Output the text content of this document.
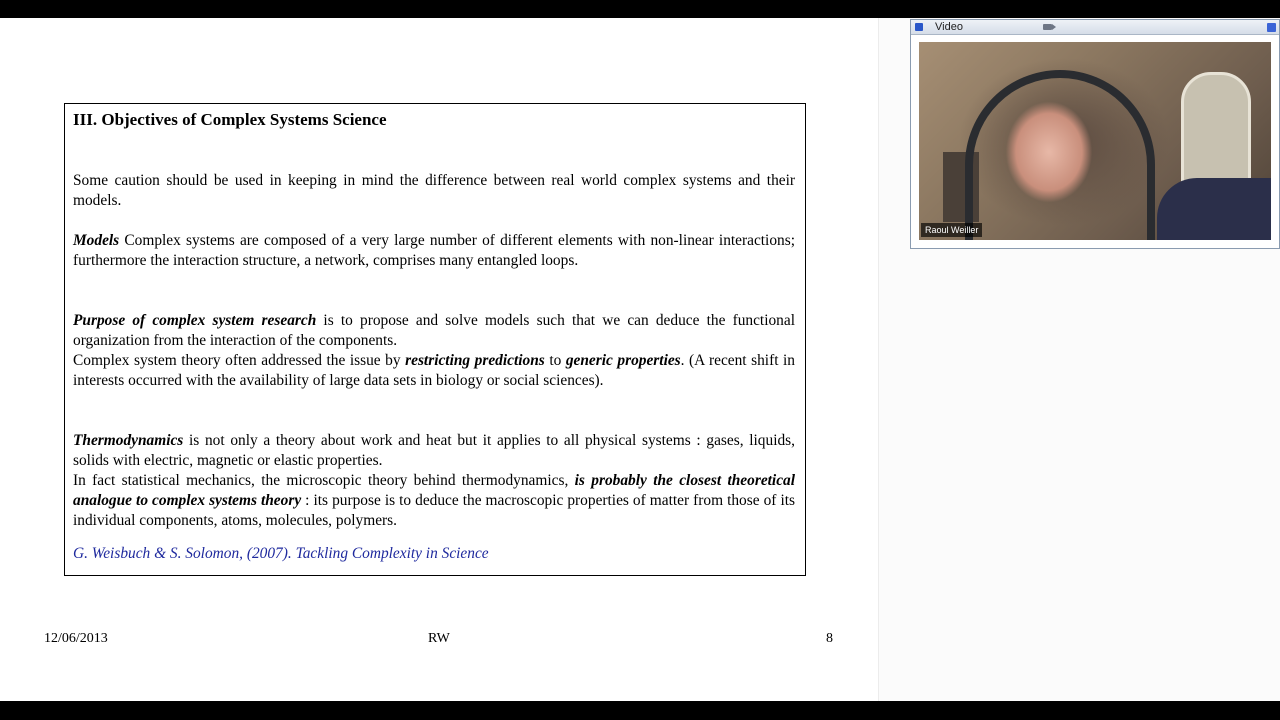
III. Objectives of Complex Systems Science
Some caution should be used in keeping in mind the difference between real world complex systems and their models.
Models Complex systems are composed of a very large number of different elements with non-linear interactions; furthermore the interaction structure, a network, comprises many entangled loops.
Purpose of complex system research is to propose and solve models such that we can deduce the functional organization from the interaction of the components.
Complex system theory often addressed the issue by restricting predictions to generic properties. (A recent shift in interests occurred with the availability of large data sets in biology or social sciences).
Thermodynamics is not only a theory about work and heat but it applies to all physical systems : gases, liquids, solids with electric, magnetic or elastic properties.
In fact statistical mechanics, the microscopic theory behind thermodynamics, is probably the closest theoretical analogue to complex systems theory : its purpose is to deduce the macroscopic properties of matter from those of its individual components, atoms, molecules, polymers.
G. Weisbuch & S. Solomon, (2007). Tackling Complexity in Science
12/06/2013	RW	8
Video
Raoul Weiller
